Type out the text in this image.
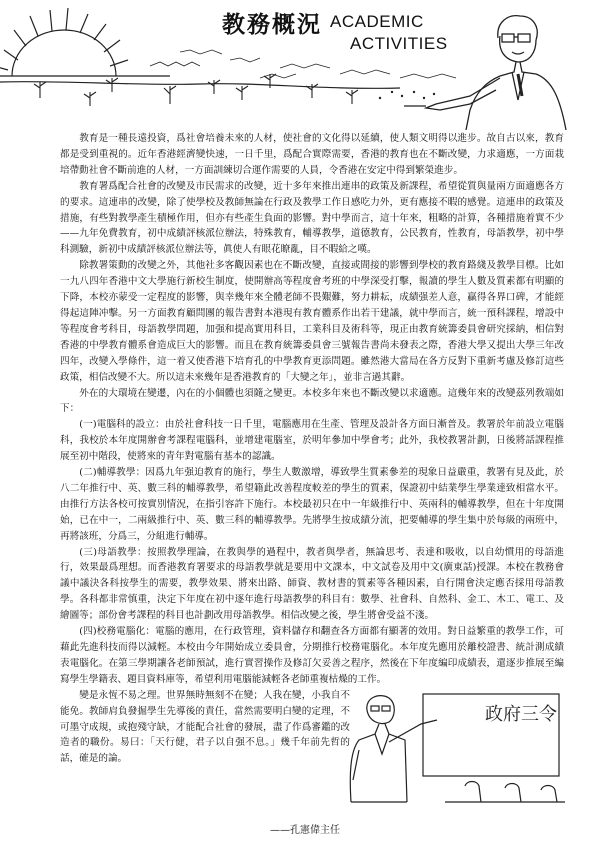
教務概況 ACADEMIC
ACTIVITIES

教育是一種長遠投資，爲社會培養未來的人材，使社會的文化得以延續，使人類文明得以進步。故自古以來，教育都是受到重視的。近年香港經濟變快速，一日千里，爲配合實際需要，香港的教育也在不斷改變，力求適應，一方面栽培帶動社會不斷前進的人材，一方面訓練切合運作需要的人員，令香港在安定中得到繁榮進步。

教育署爲配合社會的改變及市民需求的改變，近十多年來推出連串的政策及新課程，希望從質與量兩方面適應各方的要求。這連串的改變，除了使學校及教師無論在行政及教學工作日感吃力外，更有應接不暇的感覺。這連串的政策及措施，有些對教學產生積極作用，但亦有些產生負面的影響。對中學而言，這十年來，粗略的計算，各種措施着實不少——九年免費教育，初中成績評核派位辦法，特殊教育，輔導教學，道德教育，公民教育，性教育，母語教學，初中學科測驗，新初中成績評核派位辦法等，眞使人有眼花瞭亂，目不暇給之嘆。

除教署策動的改變之外，其他社多客觀因素也在不斷改變，直接或間接的影響到學校的教育路綫及教學目標。比如一九八四年香港中文大學施行新校生制度，使開辦高等程度會考班的中學深受打擊，報讀的學生人數及質素都有明顯的下降，本校亦蒙受一定程度的影響，與幸幾年來全體老師不畏艱難，努力耕耘，成績强差人意，贏得各界口碑，才能經得起這陣冲擊。另一方面教育顧問團的報告書對本港現有教育體系作出若干建議，就中學而言，統一預科課程，增設中等程度會考科目，母語教學問題，加强和提高實用科目，工業科目及術科等，現正由教育統籌委員會研究採納，相信對香港的中學教育體系會造成巨大的影響。而且在教育統籌委員會三號報告書尚未發表之際，香港大學又提出大學三年改四年，改變入學條件，這一着又使香港下培育孔的中學教育更添問題。雖然港大當局在各方反對下重新考慮及修訂這些政策，相信改變不大。所以這未來幾年是香港教育的「大變之年」，並非言過其辭。

外在的大環境在變遷，內在的小個體也須隨之變更。本校多年來也不斷改變以求適應。這幾年來的改變茲列敎端如下：

(一)電腦科的設立：由於社會科技一日千里，電腦應用在生產、管理及設計各方面日漸普及。教署於年前設立電腦科，我校於本年度開辦會考課程電腦科，並增建電腦室，於明年參加中學會考；此外，我校教署計劃，日後將話課程推展至初中階段，使將來的青年對電腦有基本的認識。

(二)輔導教學：因爲九年强迫教育的施行，學生人數激增，導致學生質素參差的現象日益嚴重，教署有見及此，於八二年推行中、英、數三科的輔導教學，希望籍此改善程度較差的學生的質素，保證初中結業學生學業達致相當水平。由推行方法各校可按實別情況，在指引容許下施行。本校最初只在中一年級推行中、英兩科的輔導教學，但在十年度開始，已在中一，二兩級推行中、英、數三科的輔導教學。先將學生按成績分流，把要輔導的學生集中於每級的兩班中，再將該班，分爲三，分組進行輔導。

(三)母語教學：按照教學理論，在教與學的過程中，教者與學者，無論思考、表達和吸收，以自幼慣用的母語進行，效果最爲理想。而香港教育署要求的母語教學就是要用中文課本，中文試卷及用中文(廣東話)授課。本校在教務會議中議決各科按學生的需要，教學效果、將來出路、師資、教材書的質素等各種因素，自行開會決定應否採用母語教學。各科都非常慎重，決定下年度在初中逐年進行母語教學的科目有：數學、社會科、自然科、金工、木工、電工、及繪圖等；部份會考課程的科目也計劃改用母語教學。相信改變之後，學生將會受益不淺。

(四)校務電腦化：電腦的應用，在行政管理，資料儲存和翻查各方面都有顯著的效用。對日益繁重的教學工作，可藉此先進科技而得以減輕。本校由今年開始成立委員會，分期推行校務電腦化。本年度先應用於離校證書、統計測成績表電腦化。在第三學期讓各老師預試，進行實習操作及修訂欠妥善之程序，然後在下年度編印成績表，還逐步推展至編寫學生學籍表、題目資料庫等，希望利用電腦能減輕各老師重複枯燥的工作。

變是永恆不易之理。世界無時無刻不在變；人我在變，小我自不能免。教師肩負發掘學生先導後的責任，當然需要明白變的定理，不可墨守成規，或抱殘守缺，才能配合社會的發展，盡了作爲審鑑的改造者的職份。易曰：「天行健，君子以自强不息。」幾千年前先哲的話，確是的論。

政府三令
——孔憲偉主任
